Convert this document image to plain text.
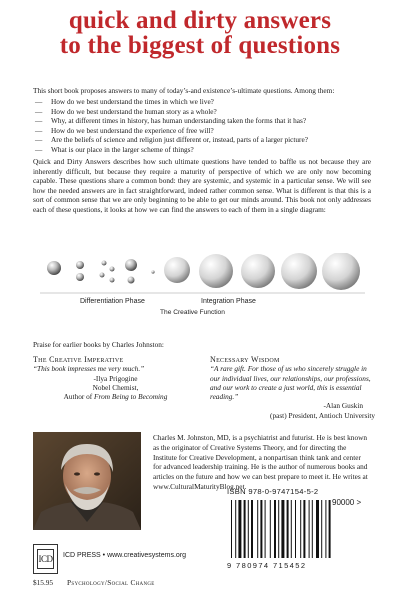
quick and dirty answers
to the biggest of questions
This short book proposes answers to many of today’s-and existence’s-ultimate questions. Among them:
— How do we best understand the times in which we live?
— How do we best understand the human story as a whole?
— Why, at different times in history, has human understanding taken the forms that it has?
— How do we best understand the experience of free will?
— Are the beliefs of science and religion just different or, instead, parts of a larger picture?
— What is our place in the larger scheme of things?
Quick and Dirty Answers describes how such ultimate questions have tended to baffle us not because they are inherently difficult, but because they require a maturity of perspective of which we are only now becoming capable. These questions share a common bond: they are systemic, and systemic in a particular sense. We will see how the needed answers are in fact straightforward, indeed rather common sense. What is different is that this is a sort of common sense that we are only beginning to be able to get our minds around. This book not only addresses each of these questions, it looks at how we can find the answers to each of them in a single diagram:
Differentiation Phase	Integration Phase
The Creative Function
Praise for earlier books by Charles Johnston:
The Creative Imperative
“This book impresses me very much.”
-Ilya Prigogine
Nobel Chemist,
Author of From Being to Becoming
Necessary Wisdom
“A rare gift. For those of us who sincerely struggle in our individual lives, our relationships, our professions, and our work to create a just world, this is essential reading.”
-Alan Guskin
(past) President, Antioch University
Charles M. Johnston, MD, is a psychiatrist and futurist. He is best known as the originator of Creative Systems Theory, and for directing the Institute for Creative Development, a nonpartisan think tank and center for advanced leadership training. He is the author of numerous books and articles on the future and how we can best prepare to meet it. He writes at www.CulturalMaturityBlog.net.
ISBN 978-0-9747154-5-2
90000 >
9 780974 715452
ICD ICD PRESS • www.creativesystems.org
$15.95 Psychology/Social Change
